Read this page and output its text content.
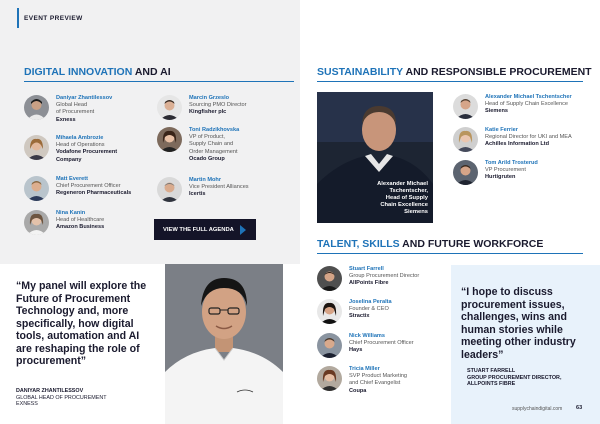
EVENT PREVIEW
DIGITAL INNOVATION AND AI
Daniyar Zhantilessov
Global Head
of Procurement
Exness
Mihaela Ambrozie
Head of Operations
Vodafone Procurement Company
Matt Everett
Chief Procurement Officer
Regeneron Pharmaceuticals
Nina Kanin
Head of Healthcare
Amazon Business
Marcin Grzeslo
Sourcing PMO Director
Kingfisher plc
Toni Radzikhovska
VP of Product,
Supply Chain and
Order Management
Ocado Group
Martin Mohr
Vice President Alliances
Icertis
VIEW THE FULL AGENDA
“My panel will explore the Future of Procurement Technology and, more specifically, how digital tools, automation and AI are reshaping the role of procurement”
DANIYAR ZHANTILESSOV
GLOBAL HEAD OF PROCUREMENT
EXNESS
SUSTAINABILITY AND RESPONSIBLE PROCUREMENT
Alexander Michael
Tschentscher,
Head of Supply
Chain Excellence
Siemens
Alexander Michael Tschentscher
Head of Supply Chain Excellence
Siemens
Katie Ferrier
Regional Director for UKI and MEA
Achilles Information Ltd
Tom Arild Trosterud
VP Procurement
Hurtigruten
TALENT, SKILLS AND FUTURE WORKFORCE
Stuart Farrell
Group Procurement Director
AllPoints Fibre
Joselina Peralta
Founder & CEO
Stractix
Nick Williams
Chief Procurement Officer
Hays
Tricia Miller
SVP Product Marketing
and Chief Evangelist
Coupa
“I hope to discuss procurement issues, challenges, wins and human stories while meeting other industry leaders”
STUART FARRELL
GROUP PROCUREMENT DIRECTOR,
ALLPOINTS FIBRE
supplychaindigital.com 63
